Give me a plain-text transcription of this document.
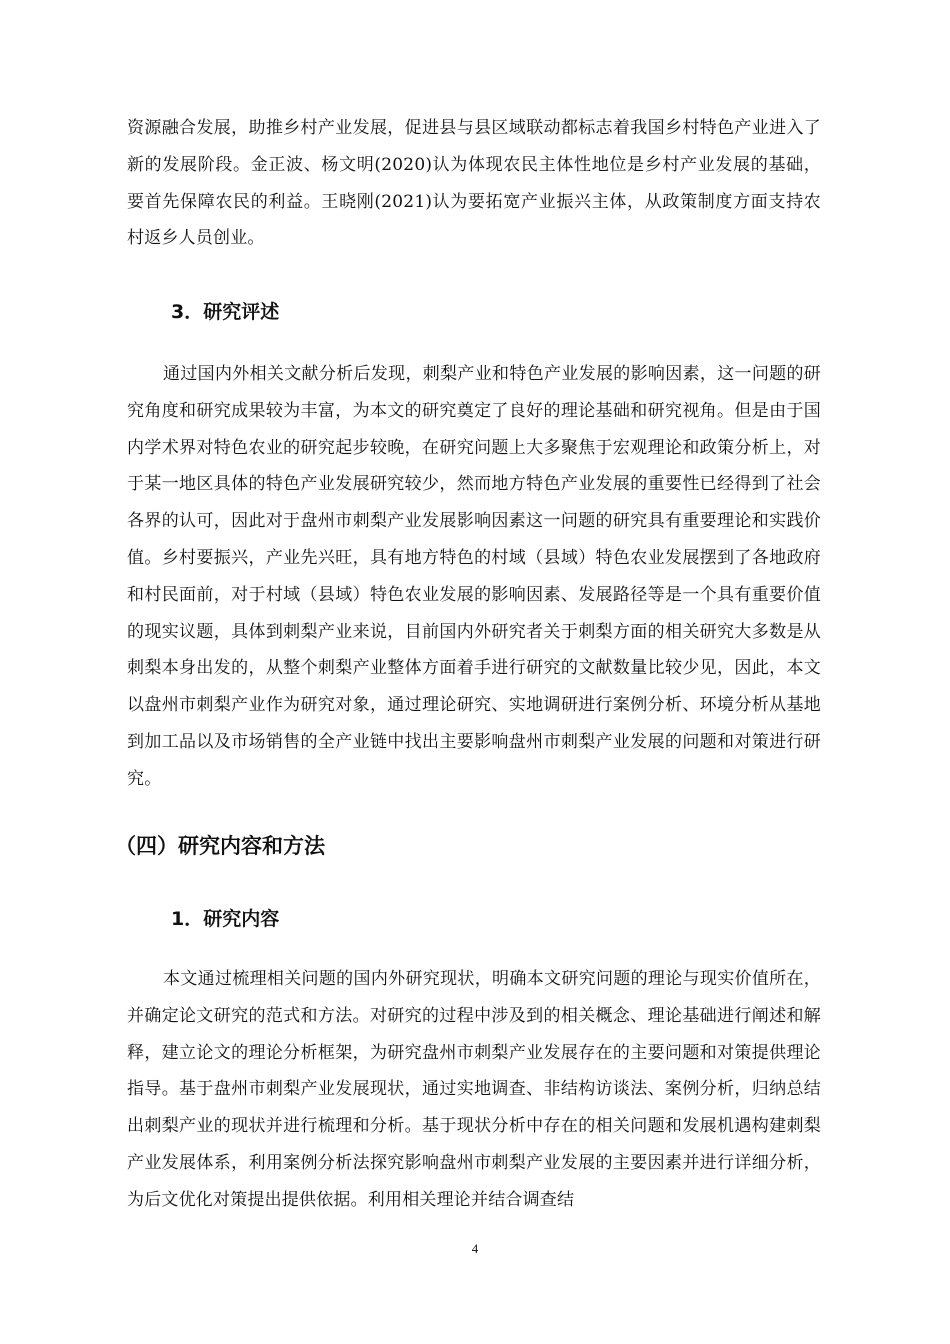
资源融合发展，助推乡村产业发展，促进县与县区域联动都标志着我国乡村特色产业进入了新的发展阶段。金正波、杨文明(2020)认为体现农民主体性地位是乡村产业发展的基础，要首先保障农民的利益。王晓刚(2021)认为要拓宽产业振兴主体，从政策制度方面支持农村返乡人员创业。

3．研究评述

通过国内外相关文献分析后发现，刺梨产业和特色产业发展的影响因素，这一问题的研究角度和研究成果较为丰富，为本文的研究奠定了良好的理论基础和研究视角。但是由于国内学术界对特色农业的研究起步较晚，在研究问题上大多聚焦于宏观理论和政策分析上，对于某一地区具体的特色产业发展研究较少，然而地方特色产业发展的重要性已经得到了社会各界的认可，因此对于盘州市刺梨产业发展影响因素这一问题的研究具有重要理论和实践价值。乡村要振兴，产业先兴旺，具有地方特色的村域（县域）特色农业发展摆到了各地政府和村民面前，对于村域（县域）特色农业发展的影响因素、发展路径等是一个具有重要价值的现实议题，具体到刺梨产业来说，目前国内外研究者关于刺梨方面的相关研究大多数是从刺梨本身出发的，从整个刺梨产业整体方面着手进行研究的文献数量比较少见，因此，本文以盘州市刺梨产业作为研究对象，通过理论研究、实地调研进行案例分析、环境分析从基地到加工品以及市场销售的全产业链中找出主要影响盘州市刺梨产业发展的问题和对策进行研究。

（四）研究内容和方法
1．研究内容

本文通过梳理相关问题的国内外研究现状，明确本文研究问题的理论与现实价值所在，并确定论文研究的范式和方法。对研究的过程中涉及到的相关概念、理论基础进行阐述和解释，建立论文的理论分析框架，为研究盘州市刺梨产业发展存在的主要问题和对策提供理论指导。基于盘州市刺梨产业发展现状，通过实地调查、非结构访谈法、案例分析，归纳总结出刺梨产业的现状并进行梳理和分析。基于现状分析中存在的相关问题和发展机遇构建刺梨产业发展体系，利用案例分析法探究影响盘州市刺梨产业发展的主要因素并进行详细分析，为后文优化对策提出提供依据。利用相关理论并结合调查结

4
